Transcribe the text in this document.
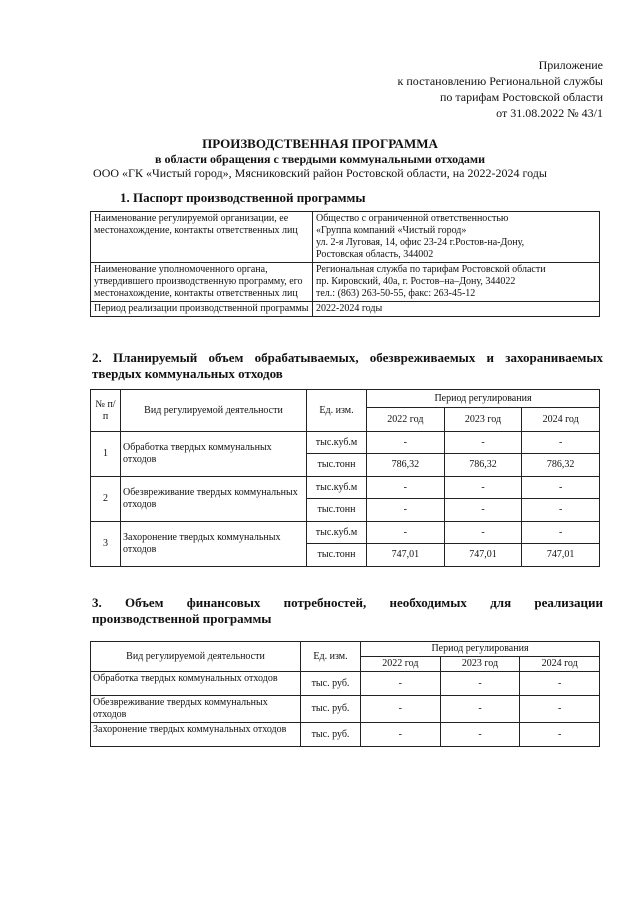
Приложение
к постановлению Региональной службы
по тарифам Ростовской области
от 31.08.2022 № 43/1
ПРОИЗВОДСТВЕННАЯ ПРОГРАММА
в области обращения с твердыми коммунальными отходами
ООО «ГК «Чистый город», Мясниковский район Ростовской области, на 2022-2024 годы
1. Паспорт производственной программы
Наименование регулируемой организации, ее местонахождение, контакты ответственных лиц	Общество с ограниченной ответственностью
«Группа компаний «Чистый город»
ул. 2-я Луговая, 14, офис 23-24 г.Ростов-на-Дону,
Ростовская область, 344002

Наименование уполномоченного органа, утвердившего производственную программу, его местонахождение, контакты ответственных лиц	Региональная служба по тарифам Ростовской области
пр. Кировский, 40а, г. Ростов–на–Дону, 344022
тел.: (863) 263-50-55, факс: 263-45-12

Период реализации производственной программы	2022-2024 годы
2. Планируемый объем обрабатываемых, обезвреживаемых и захораниваемых твердых коммунальных отходов
№ п/п	Вид регулируемой деятельности	Ед. изм.	Период регулирования		
			2022 год	2023 год	2024 год
1	Обработка твердых коммунальных отходов	тыс.куб.м	-	-	-
		тыс.тонн	786,32	786,32	786,32
2	Обезвреживание твердых коммунальных отходов	тыс.куб.м	-	-	-
		тыс.тонн	-	-	-
3	Захоронение твердых коммунальных отходов	тыс.куб.м	-	-	-
		тыс.тонн	747,01	747,01	747,01
3. Объем финансовых потребностей, необходимых для реализации
производственной программы
Вид регулируемой деятельности	Ед. изм.	Период регулирования		
		2022 год	2023 год	2024 год
Обработка твердых коммунальных отходов	тыс. руб.	-	-	-
Обезвреживание твердых коммунальных отходов	тыс. руб.	-	-	-
Захоронение твердых коммунальных отходов	тыс. руб.	-	-	-
